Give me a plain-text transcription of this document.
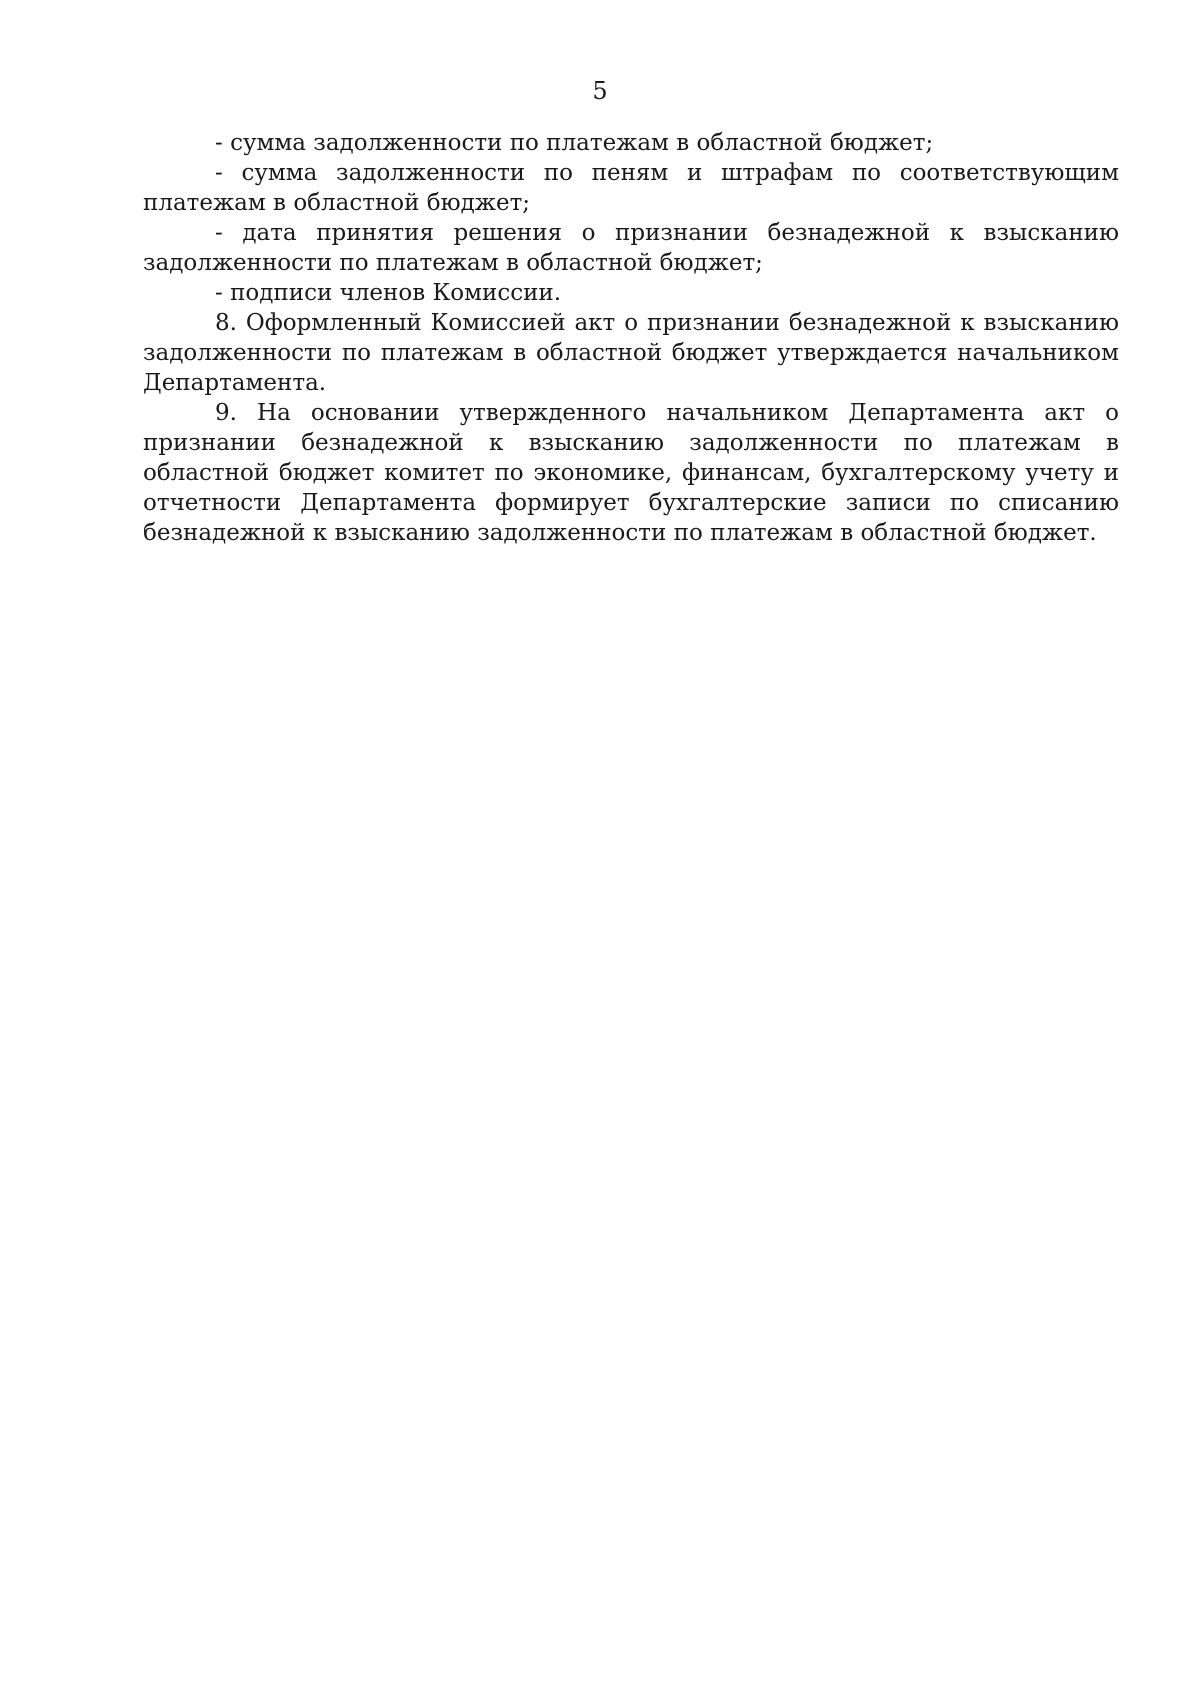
5

- сумма задолженности по платежам в областной бюджет;

- сумма задолженности по пеням и штрафам по соответствующим платежам в областной бюджет;

- дата принятия решения о признании безнадежной к взысканию задолженности по платежам в областной бюджет;

- подписи членов Комиссии.

8. Оформленный Комиссией акт о признании безнадежной к взысканию задолженности по платежам в областной бюджет утверждается начальником Департамента.

9. На основании утвержденного начальником Департамента акт о признании безнадежной к взысканию задолженности по платежам в областной бюджет комитет по экономике, финансам, бухгалтерскому учету и отчетности Департамента формирует бухгалтерские записи по списанию безнадежной к взысканию задолженности по платежам в областной бюджет.
